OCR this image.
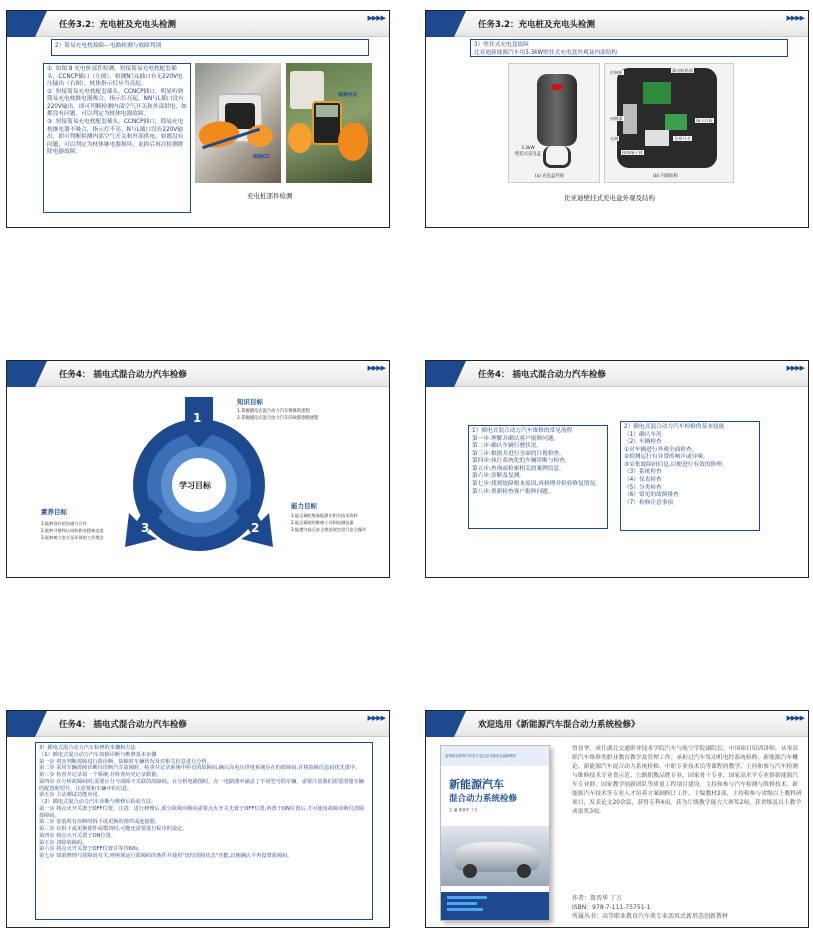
任务3.2：充电桩及充电头检测
▶▶▶▶

2）简易充电枕故障-- 电路检测与故障判别

①  如图 8 充电桩部件检测。短接简易充电枕配套插头，CCNCP插口（左图），检测N与L插口有无220V电压输出（右图），枕体指示灯应当亮起。
②  短接简易充电枕配套插头，CCNCP插口，明显听到简易充电枕继电器吸合，指示灯亮起。NN与L插口没有220V输出，即可判断检测内部空气开关和外部供电，如都没有问题，可以判定为枕体电器故障。
③  短接简易充电枕配套插头，CCNCP插口，简易充电枕继电器不吸合，指示灯不亮。N与L插口没有220V输出，即可判断检测内部空气开关和外部供电，如都没有问题，可以判定为枕体继电器损坏，更换后再次检测排除电器故障。

短接CC
检测电压
充电桩部件检测
任务3.2：充电桩及充电头检测
▶▶▶▶

3）壁挂式充电盒故障

比亚迪新能源汽车用3.3kW壁挂式充电盒外观及内部结构

3.3kW
壁挂式充电盒
(a) 充电盒外观
控制板	漏电断路器
指示灯板
急停开关
接触器
接线端子排
电源
(b) 内部结构
比亚迪壁挂式充电盒外观及结构
任务4： 插电式混合动力汽车检修
▶▶▶▶
1
2
3
学习目标
知识目标
1.掌握插电式混合动力汽车维修的流程
2.掌握插电式混合动力汽车的故障诊断流程
能力目标
1.能正确收集新能源车相关技术资料
2.能正确使用维修工具和检测仪器
3.能遵守高压安全规范规定进行安全操作
素养目标
1.能够良好的沟通与合作
2.能够习惯和认同的职业精神态度
3.能够树立安全及环保的工作理念
任务4： 插电式混合动力汽车检修
▶▶▶▶

1）插电式混合动力汽车维修的常见流程
第一步:理解并确认客户报修问题。
第二步:确认车辆行驶状况。
第三步:根据并进行全面的目视检查。
第四步:执行系统化的车辆诊断与检查。
第五步:查询或检索相关的案例信息。
第六步:诊断及复测。
第七步:找到故障根本原因,再修理并检验修复情况。
第八步:重新检查客户报修问题。

2）插电式混合动力汽车检修的基本技能
（1）确认车况
（2）车辆检查
①对车辆进行外观全面检查。
②检测运行有异常的响声或异味。
③采集故障码信息,以便进行有效的修理。
（3）系统检查
（4）仪表检查
（5）分类检查
（6）常见的故障排查
（7）检修注意事项

任务4： 插电式混合动力汽车检修
▶▶▶▶

3）插电式混合动力汽车检修的步骤和方法
（1）插电式混合动力汽车故障诊断与维修基本步骤
第一步 初步判断故障进行故诊断、故障时车辆状况及对相关信息进行分析。
第二步 采用车辆故障诊断仪诊断汽车故障时，检查并记录系统中所有的故障码,确认高电压供电系统存在的故障码,并将故障信息码优先排序。
第三步 检查并记录每一个系统,并检查历史记录数据。
第四步 在分析故障码时,需要区分与故障不关联的故障码。在分析电路图时，在一电路图中涵盖了不同型号的车辆，需要注意我们需要清楚车辆的配置和型号，注意要和车辆中的信息。
第五步 主动测试功能应用。
（2）插电式混合动力汽车诊断与维修后检验方法:
第一步 将点火开关置于OFF位置。注意：进行修理后,部分故障诊断码需要点火开关先置于OFF位置,再置于ON位置后,才可使用故障诊断仪清除故障码。
第二步 安装所有诊断时拆下或更换的部件或连接器。
第三步 在拆下或更换部件或模块时,可能还需要进行程序的设定。
第四步 将点火开关置于ON位置。
第五步 清除故障码。
第六步 将点火开关置于OFF位置并等待60s。
第七步 如果修理与故障码有关,则再现运行故障码的条件并使用"冻结故障状态"功能,以便确认不再设置故障码。

欢迎选用《新能源汽车混合动力系统检修》
▶▶▶▶
高等职业教育汽车类专业活页式新形态创新教材
新能源汽车
混合动力系统检修
主 编 曾晋华 丁万
曾晋华，成任湖北交通职业技术学院汽车与航空学院副院长、中国项目培训讲师。从事高职汽车维修类职业教育教学及管理工作。承担过汽车发动机电控系统检修、新能源汽车概论、新能源汽车混合动力系统检修、中职专业技术员等课程的教学。主持和参与汽车检测与维修技术专业省示范、公路职教品牌专业、国家骨干专业、国家高水平专业群新能源汽车专业群、国家教学创新团队等质量工程项目建设。主持和参与汽车检测与维修技术、新能源汽车技术等专业人才培养方案制修订工作，主编教材2部，主持和参与省级以上教科研项目，发表论文20余篇，获得专利4项，获为厅级教学能力大赛奖2项，获省级及以上教学成果奖3项。
作者：曾晋华 丁万
ISBN：978-7-111-75751-1
所属丛书：高等职业教育汽车类专业活页式新形态创新教材
